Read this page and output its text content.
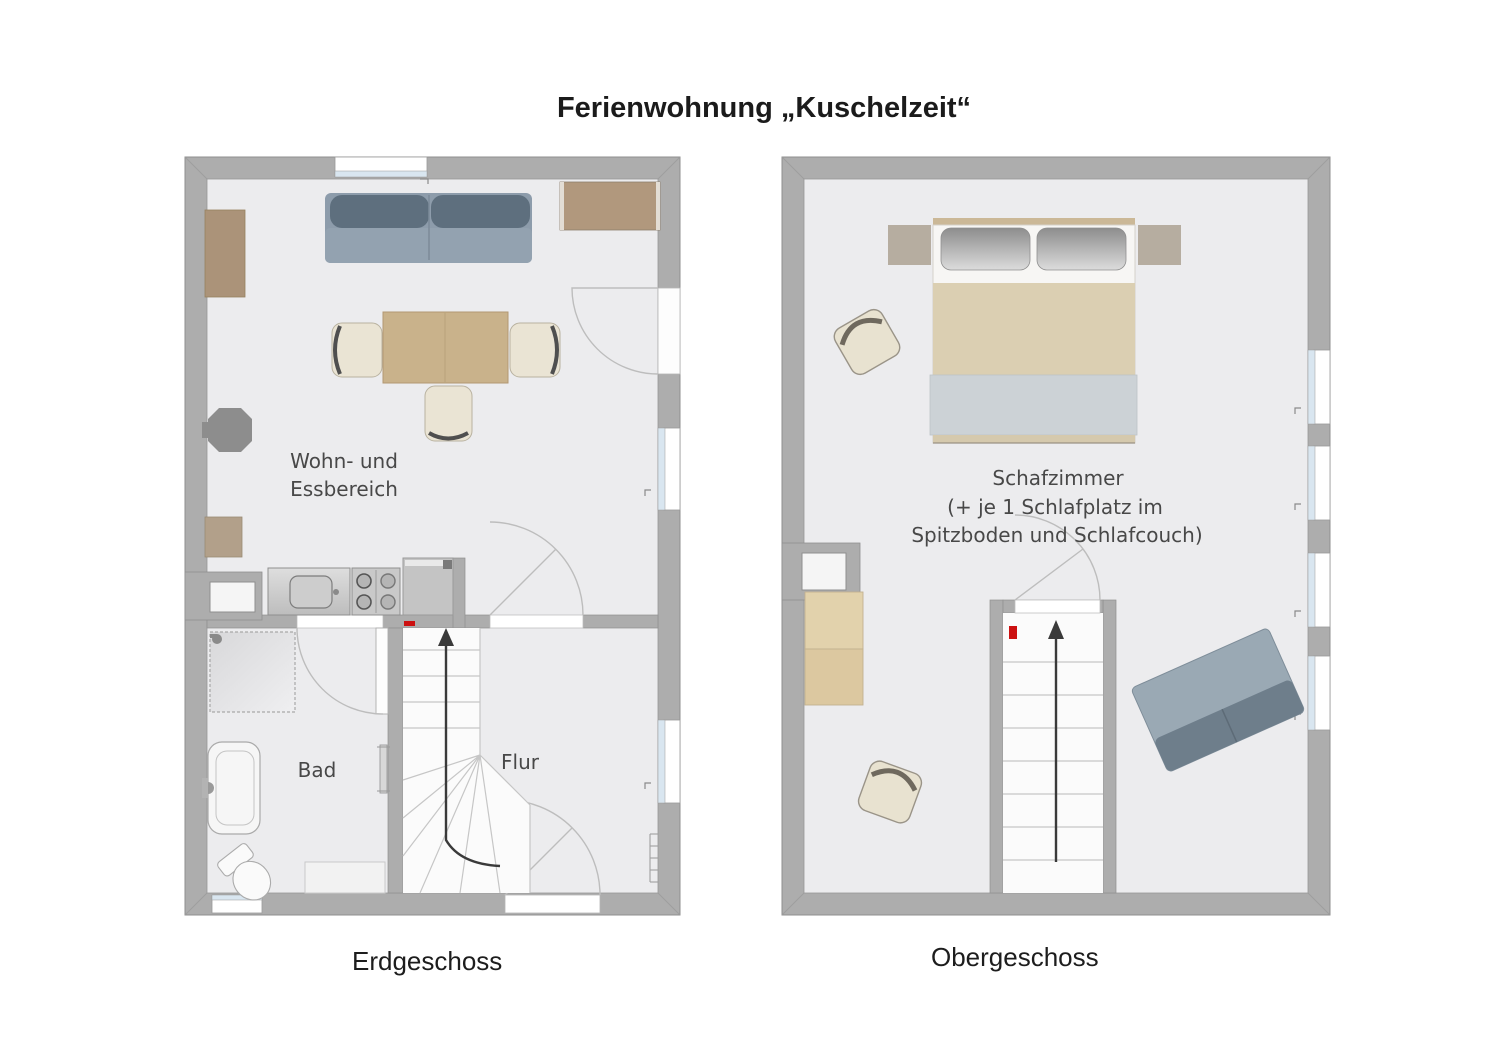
Ferienwohnung „Kuschelzeit“
Wohn- und
Essbereich
Bad	Flur
Schafzimmer
(+ je 1 Schlafplatz im
Spitzboden und Schlafcouch)
Erdgeschoss	Obergeschoss
